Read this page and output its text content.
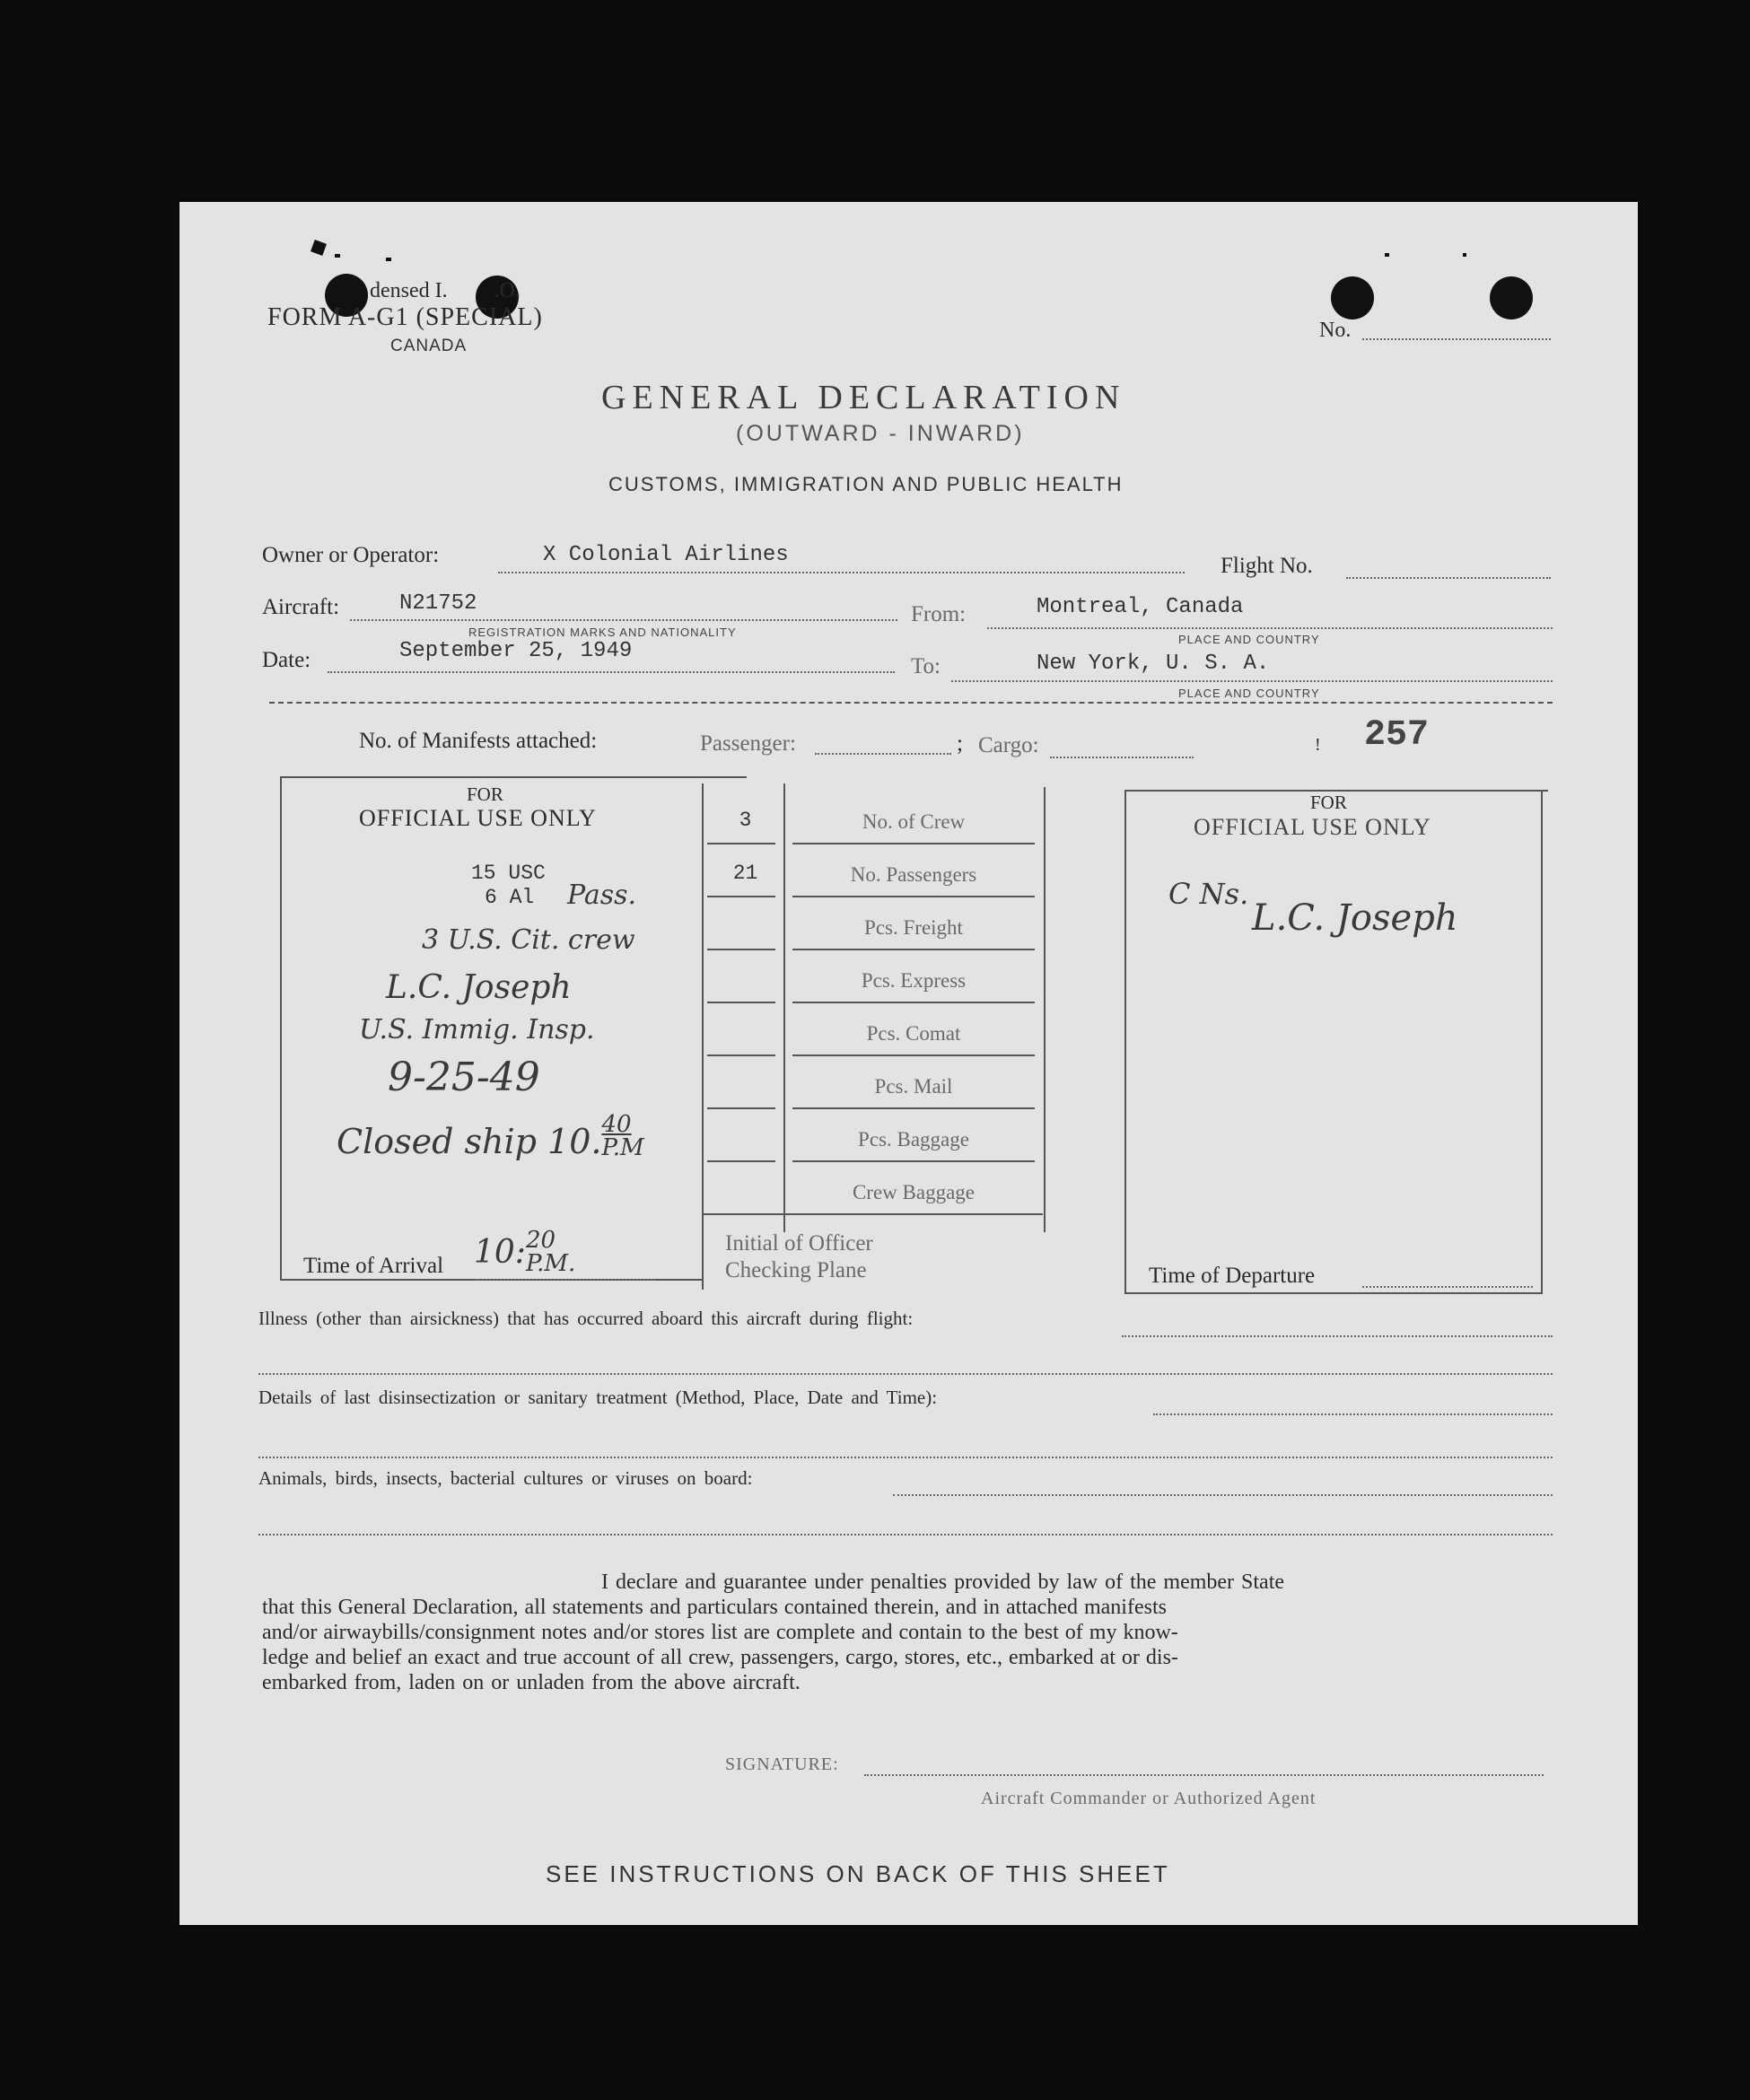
densed I. .O.
FORM A-G1 (SPECIAL)
CANADA
No.
GENERAL DECLARATION
(OUTWARD - INWARD)
CUSTOMS, IMMIGRATION AND PUBLIC HEALTH
Owner or Operator:	X Colonial Airlines	Flight No.
Aircraft:	N21752
REGISTRATION MARKS AND NATIONALITY
From:	Montreal, Canada
PLACE AND COUNTRY
Date:	September 25, 1949
To:	New York, U. S. A.
PLACE AND COUNTRY
No. of Manifests attached:	Passenger:	; Cargo:	! 257
FOR
OFFICIAL USE ONLY
15 USC
6 Al Pass.
3 U.S. Cit. crew
L.C. Joseph
U.S. Immig. Insp.
9-25-49
Closed ship 10. $\frac{40}{P.M}$
Time of Arrival 10: 20
P.M.
3	No. of Crew
21	No. Passengers
Pcs. Freight
Pcs. Express
Pcs. Comat
Pcs. Mail
Pcs. Baggage
Crew Baggage
Initial of Officer
Checking Plane
FOR
OFFICIAL USE ONLY
C Ns.
L.C. Joseph
Time of Departure
Illness (other than airsickness) that has occurred aboard this aircraft during flight:
Details of last disinsectization or sanitary treatment (Method, Place, Date and Time):
Animals, birds, insects, bacterial cultures or viruses on board:
I declare and guarantee under penalties provided by law of the member State
that this General Declaration, all statements and particulars contained therein, and in attached manifests
and/or airwaybills/consignment notes and/or stores list are complete and contain to the best of my know-
ledge and belief an exact and true account of all crew, passengers, cargo, stores, etc., embarked at or dis-
embarked from, laden on or unladen from the above aircraft.
SIGNATURE:
Aircraft Commander or Authorized Agent
SEE INSTRUCTIONS ON BACK OF THIS SHEET
